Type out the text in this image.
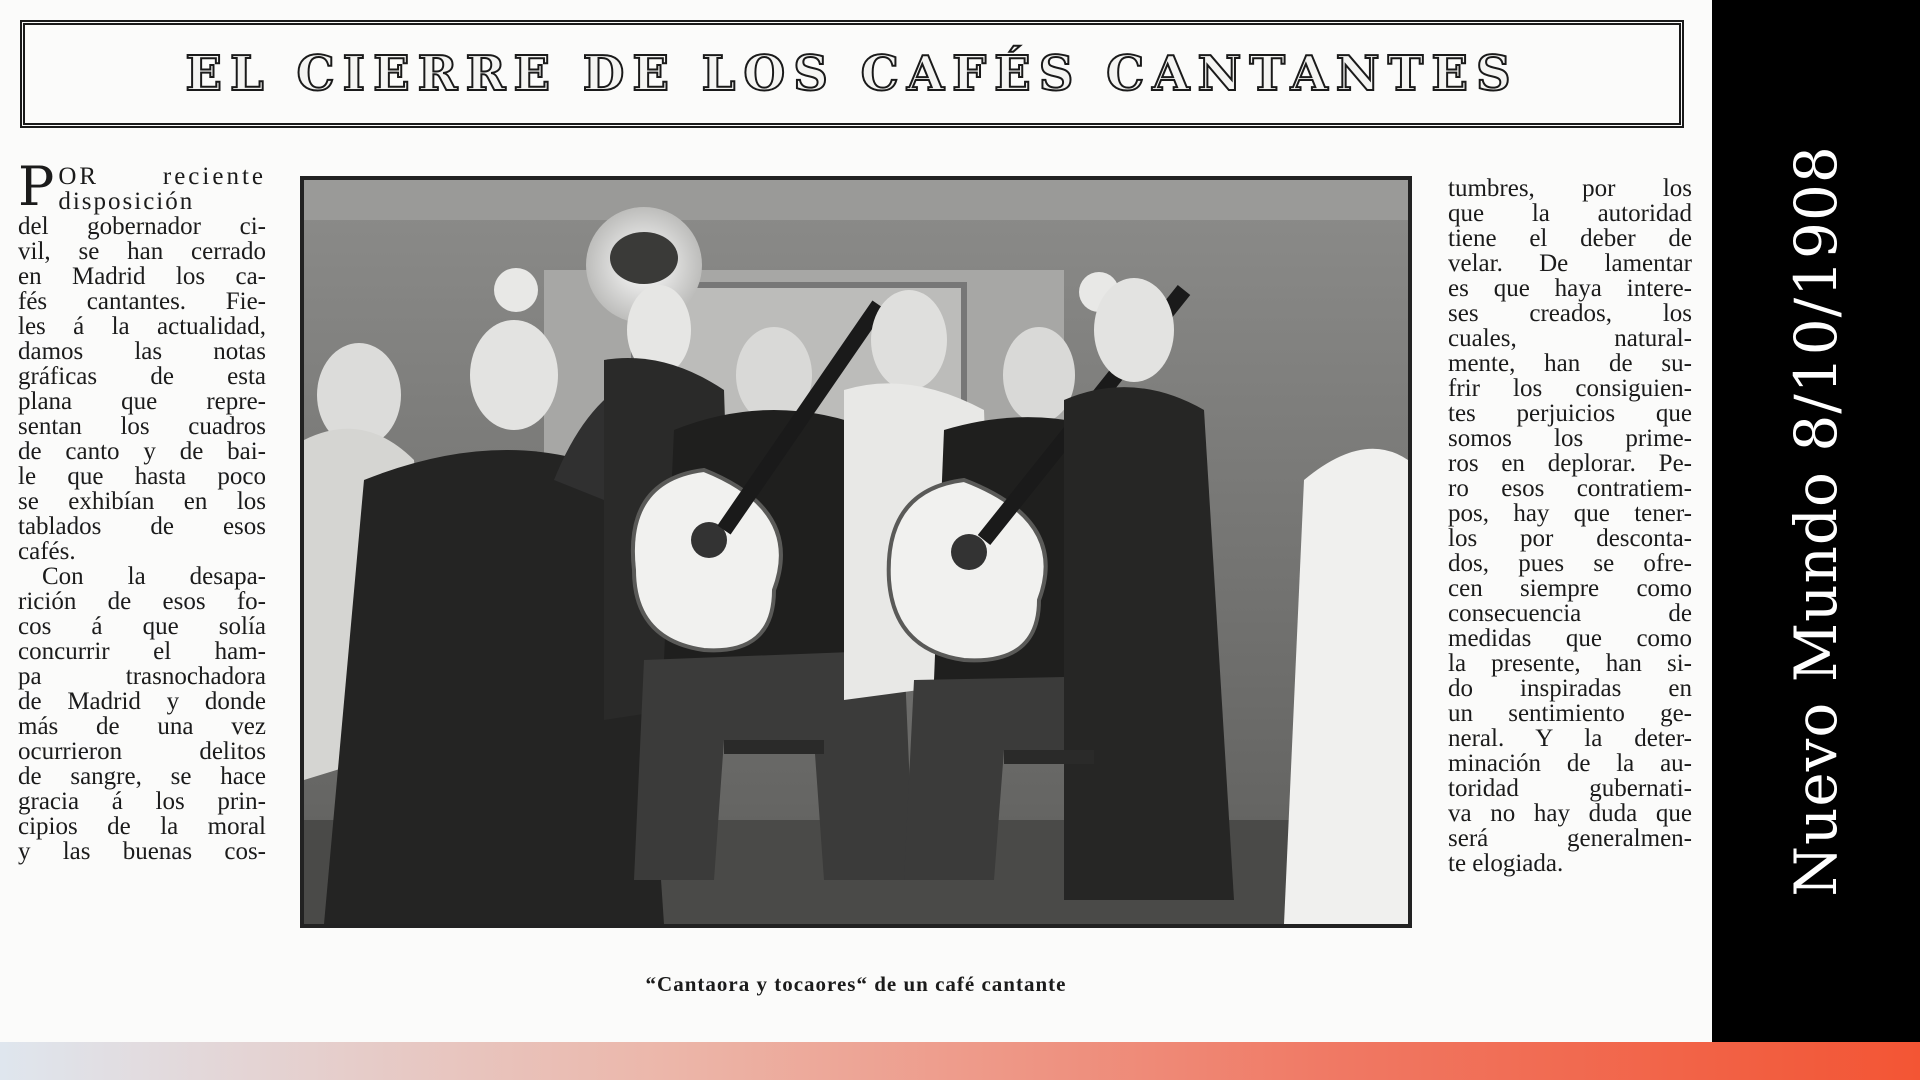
EL CIERRE DE LOS CAFÉS CANTANTES
P OR reciente
disposición
del gobernador ci-
vil, se han cerrado
en Madrid los ca-
fés cantantes. Fie-
les á la actualidad,
damos las notas
gráficas de esta
plana que repre-
sentan los cuadros
de canto y de bai-
le que hasta poco
se exhibían en los
tablados de esos
cafés.
Con la desapa-
rición de esos fo-
cos á que solía
concurrir el ham-
pa trasnochadora
de Madrid y donde
más de una vez
ocurrieron delitos
de sangre, se hace
gracia á los prin-
cipios de la moral
y las buenas cos-
“Cantaora y tocaores“ de un café cantante
tumbres, por los
que la autoridad
tiene el deber de
velar. De lamentar
es que haya intere-
ses creados, los
cuales, natural-
mente, han de su-
frir los consiguien-
tes perjuicios que
somos los prime-
ros en deplorar. Pe-
ro esos contratiem-
pos, hay que tener-
los por desconta-
dos, pues se ofre-
cen siempre como
consecuencia de
medidas que como
la presente, han si-
do inspiradas en
un sentimiento ge-
neral. Y la deter-
minación de la au-
toridad gubernati-
va no hay duda que
será generalmen-
te elogiada.	Nuevo Mundo 8/10/1908
